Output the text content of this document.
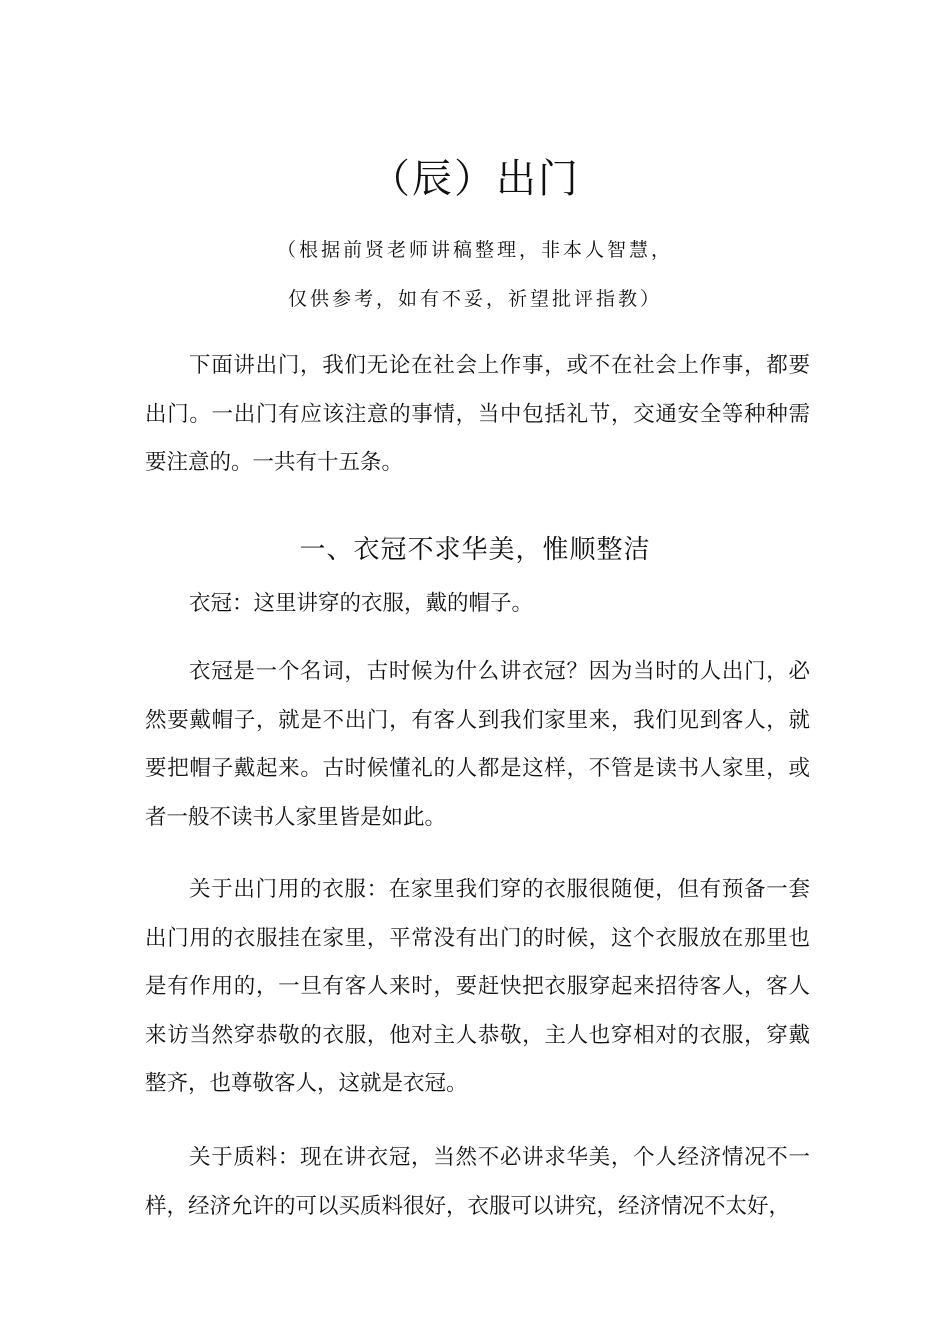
（辰）出门
（根据前贤老师讲稿整理，非本人智慧，
仅供参考，如有不妥，祈望批评指教）

下面讲出门，我们无论在社会上作事，或不在社会上作事，都要出门。一出门有应该注意的事情，当中包括礼节，交通安全等种种需要注意的。一共有十五条。

一、衣冠不求华美，惟顺整洁

衣冠：这里讲穿的衣服，戴的帽子。

衣冠是一个名词，古时候为什么讲衣冠？因为当时的人出门，必然要戴帽子，就是不出门，有客人到我们家里来，我们见到客人，就要把帽子戴起来。古时候懂礼的人都是这样，不管是读书人家里，或者一般不读书人家里皆是如此。

关于出门用的衣服：在家里我们穿的衣服很随便，但有预备一套出门用的衣服挂在家里，平常没有出门的时候，这个衣服放在那里也是有作用的，一旦有客人来时，要赶快把衣服穿起来招待客人，客人来访当然穿恭敬的衣服，他对主人恭敬，主人也穿相对的衣服，穿戴整齐，也尊敬客人，这就是衣冠。

关于质料：现在讲衣冠，当然不必讲求华美，个人经济情况不一样，经济允许的可以买质料很好，衣服可以讲究，经济情况不太好，
